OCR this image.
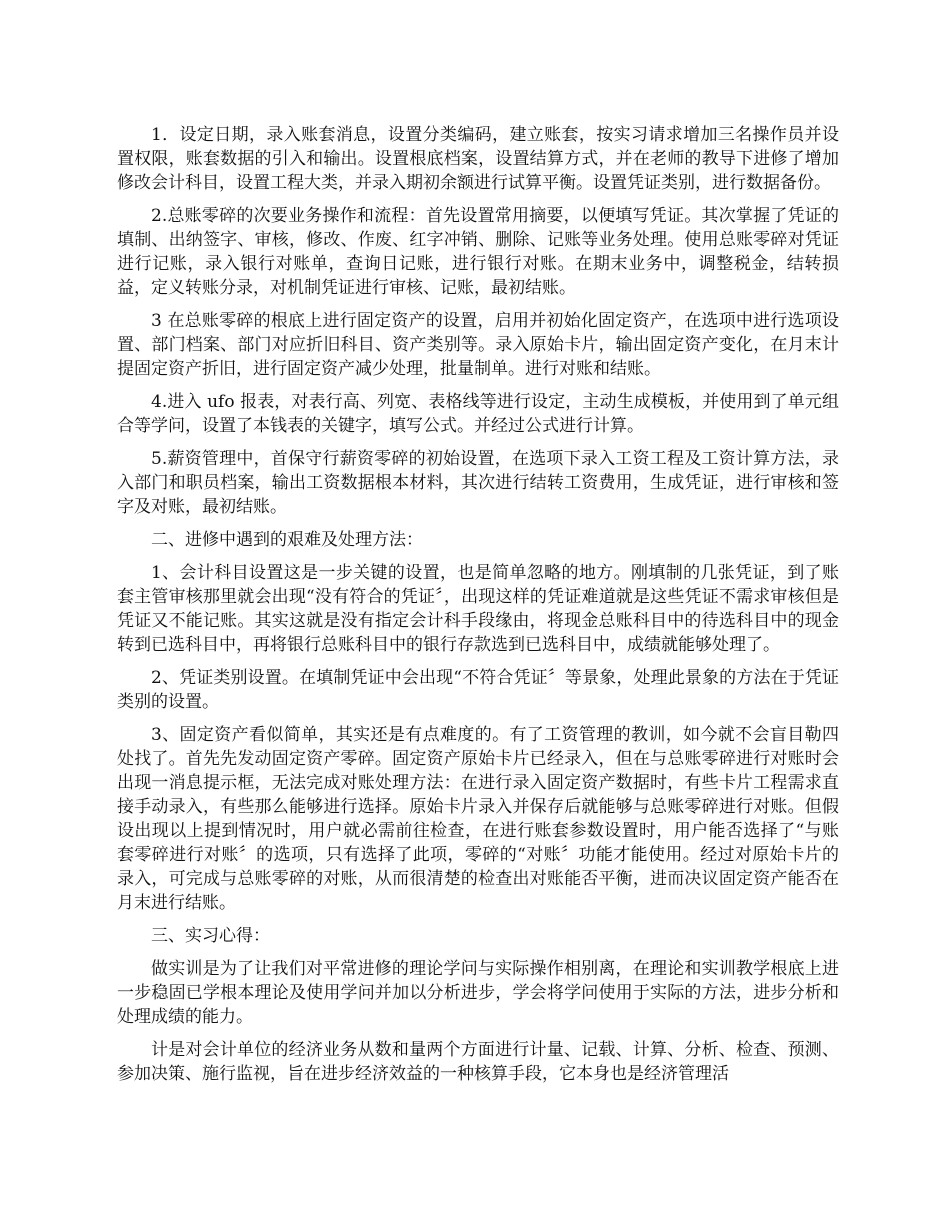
1．设定日期，录入账套消息，设置分类编码，建立账套，按实习请求增加三名操作员并设置权限，账套数据的引入和输出。设置根底档案，设置结算方式，并在老师的教导下进修了增加修改会计科目，设置工程大类，并录入期初余额进行试算平衡。设置凭证类别，进行数据备份。

2.总账零碎的次要业务操作和流程：首先设置常用摘要，以便填写凭证。其次掌握了凭证的填制、出纳签字、审核，修改、作废、红字冲销、删除、记账等业务处理。使用总账零碎对凭证进行记账，录入银行对账单，查询日记账，进行银行对账。在期末业务中，调整税金，结转损益，定义转账分录，对机制凭证进行审核、记账，最初结账。

3 在总账零碎的根底上进行固定资产的设置，启用并初始化固定资产，在选项中进行选项设置、部门档案、部门对应折旧科目、资产类别等。录入原始卡片，输出固定资产变化，在月末计提固定资产折旧，进行固定资产减少处理，批量制单。进行对账和结账。

4.进入 ufo 报表，对表行高、列宽、表格线等进行设定，主动生成模板，并使用到了单元组合等学问，设置了本钱表的关键字，填写公式。并经过公式进行计算。

5.薪资管理中，首保守行薪资零碎的初始设置，在选项下录入工资工程及工资计算方法，录入部门和职员档案，输出工资数据根本材料，其次进行结转工资费用，生成凭证，进行审核和签字及对账，最初结账。

二、进修中遇到的艰难及处理方法：

1、会计科目设置这是一步关键的设置，也是简单忽略的地方。刚填制的几张凭证，到了账套主管审核那里就会出现“没有符合的凭证〞，出现这样的凭证难道就是这些凭证不需求审核但是凭证又不能记账。其实这就是没有指定会计科手段缘由，将现金总账科目中的待选科目中的现金转到已选科目中，再将银行总账科目中的银行存款选到已选科目中，成绩就能够处理了。

2、凭证类别设置。在填制凭证中会出现“不符合凭证〞等景象，处理此景象的方法在于凭证类别的设置。

3、固定资产看似简单，其实还是有点难度的。有了工资管理的教训，如今就不会盲目勒四处找了。首先先发动固定资产零碎。固定资产原始卡片已经录入，但在与总账零碎进行对账时会出现一消息提示框，无法完成对账处理方法：在进行录入固定资产数据时，有些卡片工程需求直接手动录入，有些那么能够进行选择。原始卡片录入并保存后就能够与总账零碎进行对账。但假设出现以上提到情况时，用户就必需前往检查，在进行账套参数设置时，用户能否选择了“与账套零碎进行对账〞的选项，只有选择了此项，零碎的“对账〞功能才能使用。经过对原始卡片的录入，可完成与总账零碎的对账，从而很清楚的检查出对账能否平衡，进而决议固定资产能否在月末进行结账。

三、实习心得：

做实训是为了让我们对平常进修的理论学问与实际操作相别离，在理论和实训教学根底上进一步稳固已学根本理论及使用学问并加以分析进步，学会将学问使用于实际的方法，进步分析和处理成绩的能力。

计是对会计单位的经济业务从数和量两个方面进行计量、记载、计算、分析、检查、预测、参加决策、施行监视，旨在进步经济效益的一种核算手段，它本身也是经济管理活
